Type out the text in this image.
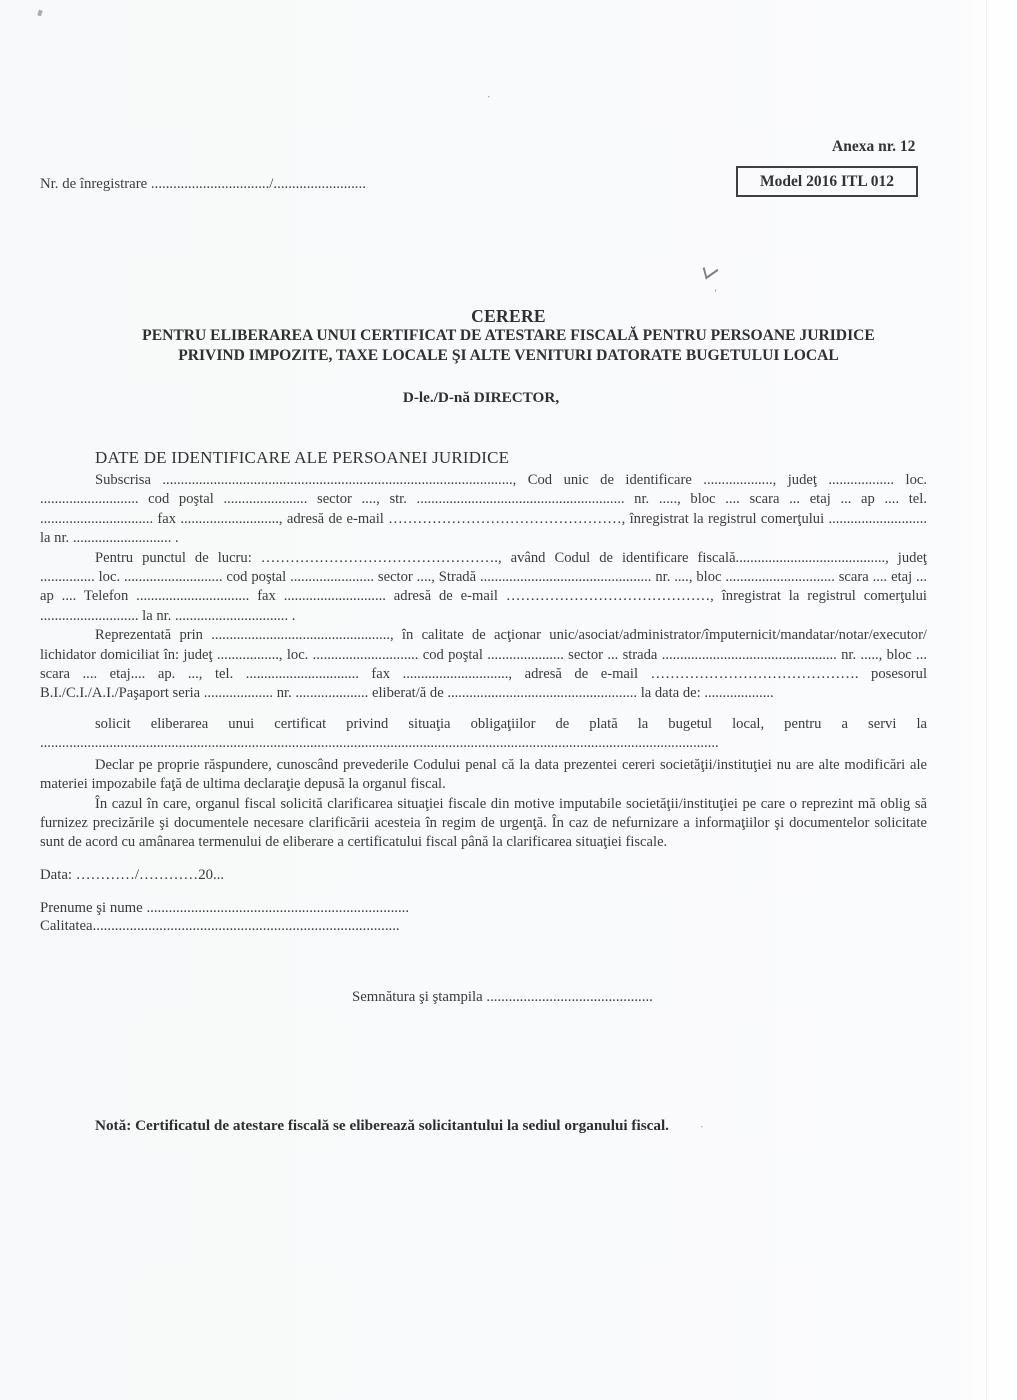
Anexa nr. 12
Model 2016 ITL 012
Nr. de înregistrare ................................/.........................
CERERE
PENTRU ELIBERAREA UNUI CERTIFICAT DE ATESTARE FISCALĂ PENTRU PERSOANE JURIDICE
PRIVIND IMPOZITE, TAXE LOCALE ŞI ALTE VENITURI DATORATE BUGETULUI LOCAL
D-le./D-nă DIRECTOR,
DATE DE IDENTIFICARE ALE PERSOANEI JURIDICE

Subscrisa ................................................................................................, Cod unic de identificare ..................., judeţ .................. loc. ........................... cod poştal ....................... sector ...., str. ......................................................... nr. ....., bloc .... scara ... etaj ... ap .... tel. ............................... fax ..........................., adresă de e-mail …………………………………………, înregistrat la registrul comerţului ........................... la nr. ........................... .

Pentru punctul de lucru: …………………………………………., având Codul de identificare fiscală........................................., judeţ ............... loc. ........................... cod poştal ....................... sector ...., Stradă ............................................... nr. ...., bloc .............................. scara .... etaj ... ap .... Telefon ............................... fax ............................ adresă de e-mail ……………………………………, înregistrat la registrul comerţului ........................... la nr. ............................... .

Reprezentată prin ................................................., în calitate de acţionar unic/asociat/administrator/împuternicit/mandatar/notar/executor/ lichidator domiciliat în: judeţ ................., loc. ............................. cod poştal ..................... sector ... strada ................................................ nr. ....., bloc ... scara .... etaj.... ap. ..., tel. ............................... fax ............................., adresă de e-mail ……………………………………. posesorul B.I./C.I./A.I./Paşaport seria ................... nr. .................... eliberat/ă de .................................................... la data de: ...................

solicit eliberarea unui certificat privind situaţia obligaţiilor de plată la bugetul local, pentru a servi la ..........................................................................................................................................................................................

Declar pe proprie răspundere, cunoscând prevederile Codului penal că la data prezentei cereri societăţii/instituţiei nu are alte modificări ale materiei impozabile faţă de ultima declaraţie depusă la organul fiscal.

În cazul în care, organul fiscal solicită clarificarea situaţiei fiscale din motive imputabile societăţii/instituţiei pe care o reprezint mă oblig să furnizez precizările şi documentele necesare clarificării acesteia în regim de urgenţă. În caz de nefurnizare a informaţiilor şi documentelor solicitate sunt de acord cu amânarea termenului de eliberare a certificatului fiscal până la clarificarea situaţiei fiscale.

Data: …………/…………20...
Prenume şi nume .......................................................................
Calitatea...................................................................................
Semnătura şi ştampila .............................................
Notă: Certificatul de atestare fiscală se eliberează solicitantului la sediul organului fiscal.
'
·
·
